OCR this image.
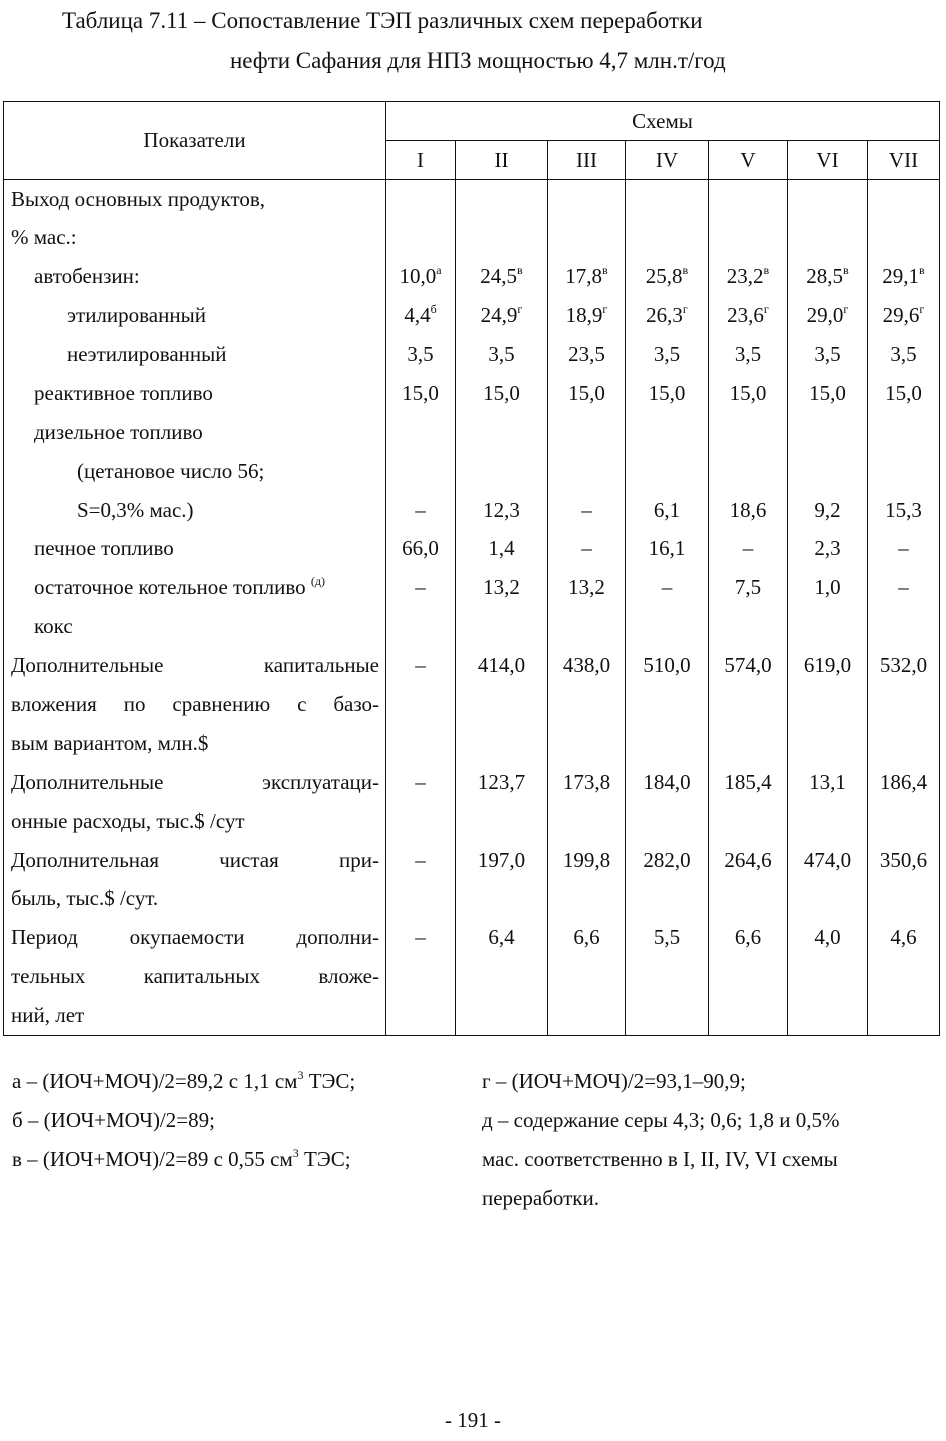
Таблица 7.11 – Сопоставление ТЭП различных схем переработки
нефти Сафания для НПЗ мощностью 4,7 млн.т/год
Показатели	Схемы						
	I	II	III	IV	V	VI	VII
Выход основных продуктов,							
% мас.:							
автобензин:	$10,0^а$	$24,5^в$	$17,8^в$	$25,8^в$	$23,2^в$	$28,5^в$	$29,1^в$
этилированный	$4,4^б$	$24,9^г$	$18,9^г$	$26,3^г$	$23,6^г$	$29,0^г$	$29,6^г$
неэтилированный	3,5	3,5	23,5	3,5	3,5	3,5	3,5
реактивное топливо	15,0	15,0	15,0	15,0	15,0	15,0	15,0
дизельное топливо							
(цетановое число 56;							
S=0,3% мас.)	–	12,3	–	6,1	18,6	9,2	15,3
печное топливо	66,0	1,4	–	16,1	–	2,3	–
остаточное котельное топливо $^{(д)}$	–	13,2	13,2	–	7,5	1,0	–
кокс							
Дополнительные капитальные	–	414,0	438,0	510,0	574,0	619,0	532,0
вложения по сравнению с базо-							
вым вариантом, млн.$							
Дополнительные эксплуатаци-	–	123,7	173,8	184,0	185,4	13,1	186,4
онные расходы, тыс.$ /сут							
Дополнительная чистая при-	–	197,0	199,8	282,0	264,6	474,0	350,6
быль, тыс.$ /сут.							
Период окупаемости дополни-	–	6,4	6,6	5,5	6,6	4,0	4,6
тельных капитальных вложе-							
ний, лет							
а – (ИОЧ+МОЧ)/2=89,2 с 1,1 $см^3$ ТЭС;
б – (ИОЧ+МОЧ)/2=89;
в – (ИОЧ+МОЧ)/2=89 с 0,55 $см^3$ ТЭС;
г – (ИОЧ+МОЧ)/2=93,1–90,9;
д – содержание серы 4,3; 0,6; 1,8 и 0,5%
мас. соответственно в I, II, IV, VI схемы
переработки.
- 191 -
